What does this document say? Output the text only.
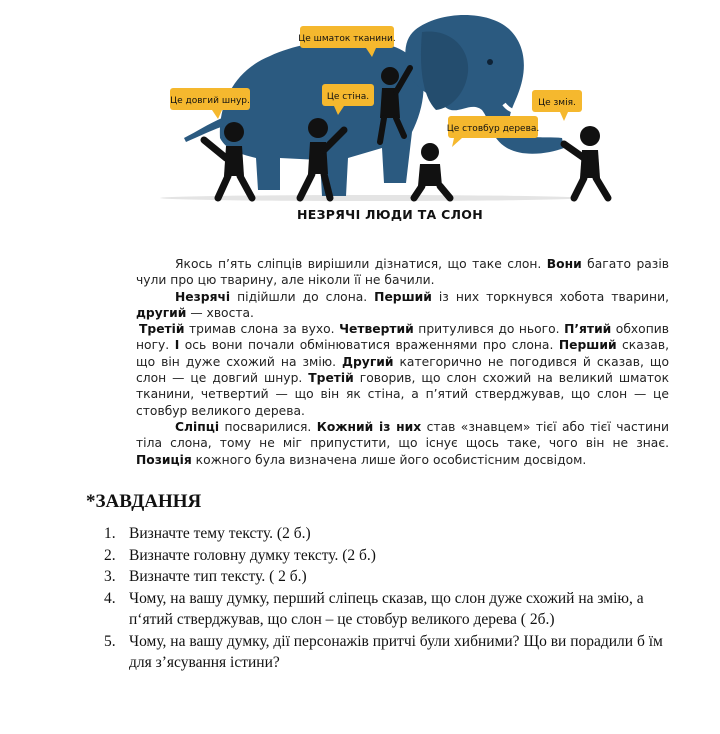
Це довгий шнур.
Це шматок тканини.
Це стіна.
Це стовбур дерева.
Це змія.
НЕЗРЯЧІ ЛЮДИ ТА СЛОН

Якось п’ять сліпців вирішили дізнатися, що таке слон. Вони багато разів чули про цю тварину, але ніколи її не бачили.

Незрячі підійшли до слона. Перший із них торкнувся хобота тварини, другий — хвоста.

Третій тримав слона за вухо. Четвертий притулився до нього. П’ятий обхопив ногу. І ось вони почали обмінюватися враженнями про слона. Перший сказав, що він дуже схожий на змію. Другий категорично не погодився й сказав, що слон — це довгий шнур. Третій говорив, що слон схожий на великий шматок тканини, четвертий — що він як стіна, а п’ятий стверджував, що слон — це стовбур великого дерева.

Сліпці посварилися. Кожний із них став «знавцем» тієї або тієї частини тіла слона, тому не міг припустити, що існує щось таке, чого він не знає. Позиція кожного була визначена лише його особистісним досвідом.

*ЗАВДАННЯ
1. Визначте тему тексту. (2 б.)
2. Визначте головну думку тексту. (2 б.)
3. Визначте тип тексту. ( 2 б.)
4. Чому, на вашу думку, перший сліпець сказав, що слон дуже схожий на змію, а п‘ятий стверджував, що слон – це стовбур великого дерева ( 2б.)
5. Чому, на вашу думку, дії персонажів притчі були хибними? Що ви порадили б їм для з’ясування істини?
